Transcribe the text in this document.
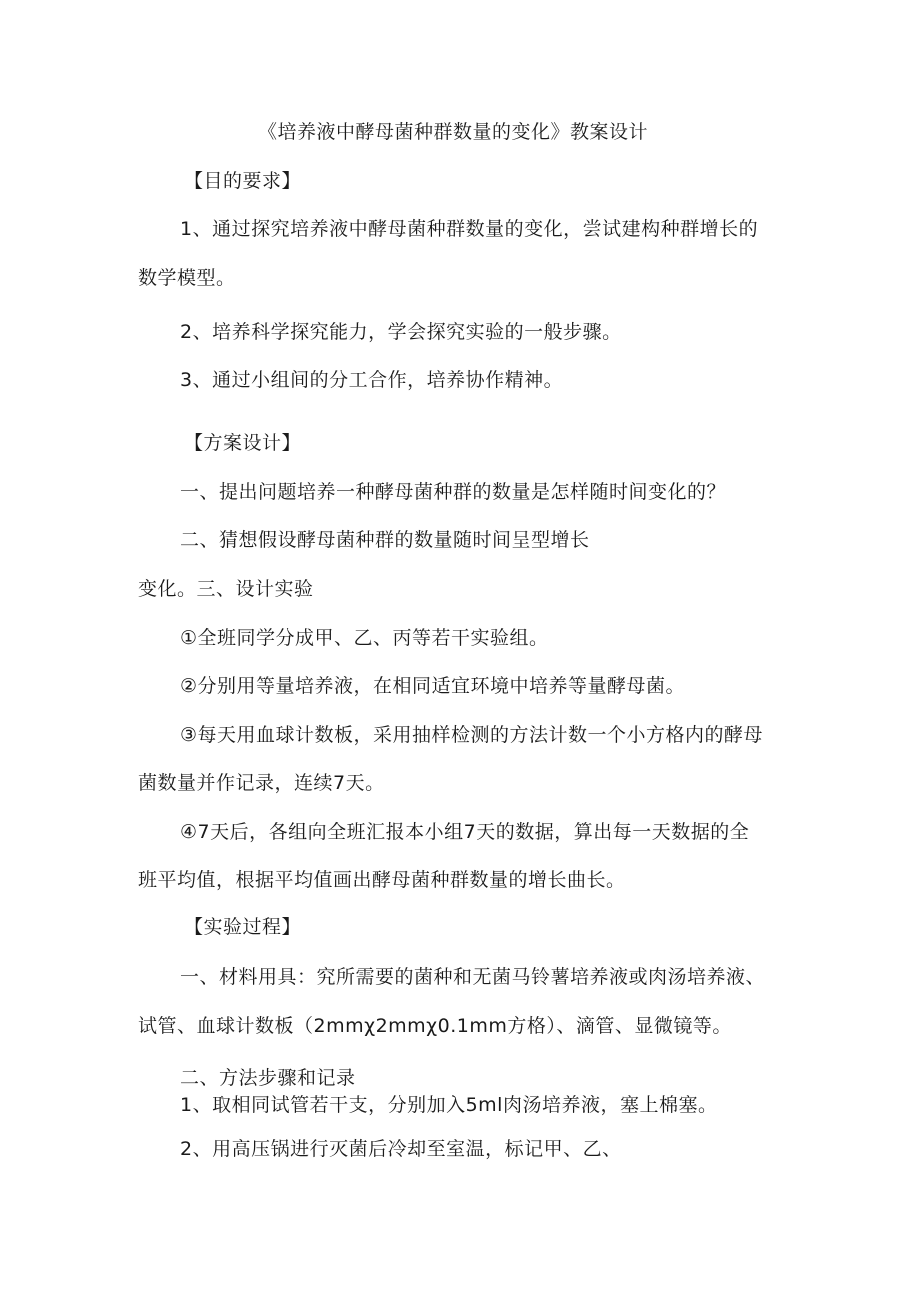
《培养液中酵母菌种群数量的变化》教案设计
【目的要求】
1、通过探究培养液中酵母菌种群数量的变化，尝试建构种群增长的
数学模型。
2、培养科学探究能力，学会探究实验的一般步骤。
3、通过小组间的分工合作，培养协作精神。
【方案设计】
一、提出问题培养一种酵母菌种群的数量是怎样随时间变化的？
二、猜想假设酵母菌种群的数量随时间呈型增长
变化。三、设计实验
①全班同学分成甲、乙、丙等若干实验组。
②分别用等量培养液，在相同适宜环境中培养等量酵母菌。
③每天用血球计数板，采用抽样检测的方法计数一个小方格内的酵母
菌数量并作记录，连续7天。
④7天后，各组向全班汇报本小组7天的数据，算出每一天数据的全
班平均值，根据平均值画出酵母菌种群数量的增长曲长。
【实验过程】
一、材料用具：究所需要的菌种和无菌马铃薯培养液或肉汤培养液、
试管、血球计数板（2mmχ2mmχ0.1mm方格）、滴管、显微镜等。
二、方法步骤和记录
1、取相同试管若干支，分别加入5ml肉汤培养液，塞上棉塞。
2、用高压锅进行灭菌后冷却至室温，标记甲、乙、
